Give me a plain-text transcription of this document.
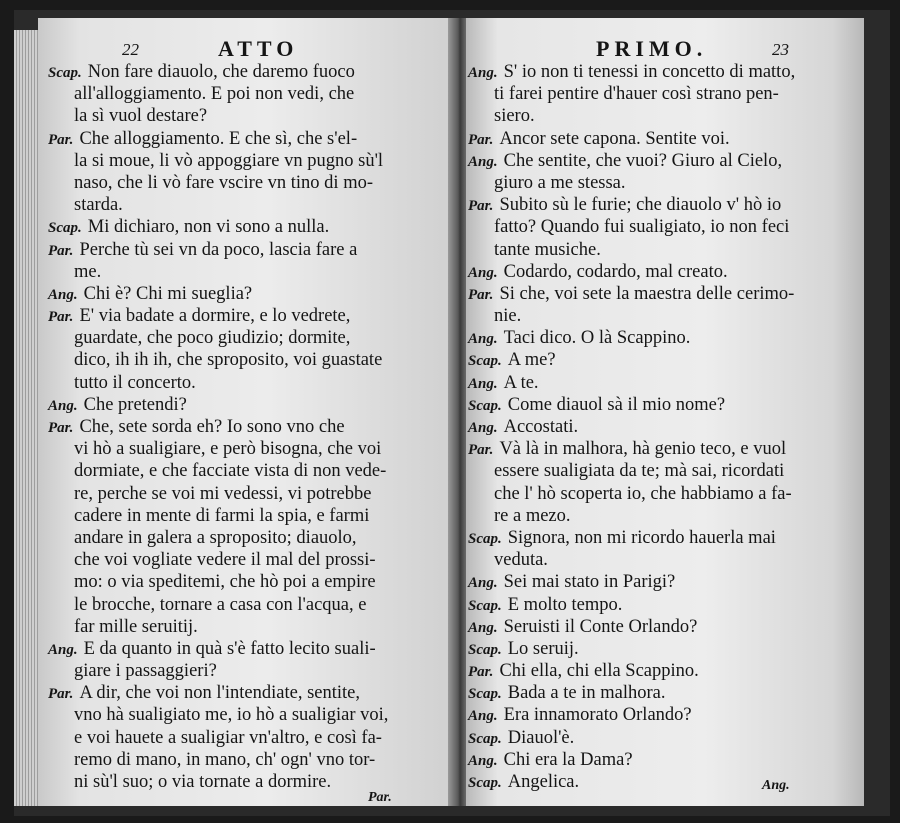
22	ATTO
Scap. Non fare diauolo, che daremo fuoco
all'alloggiamento. E poi non vedi, che
la sì vuol destare?
Par. Che alloggiamento. E che sì, che s'el-
la si moue, li vò appoggiare vn pugno sù'l
naso, che li vò fare vscire vn tino di mo-
starda.
Scap. Mi dichiaro, non vi sono a nulla.
Par. Perche tù sei vn da poco, lascia fare a
me.
Ang. Chi è? Chi mi sueglia?
Par. E' via badate a dormire, e lo vedrete,
guardate, che poco giudizio; dormite,
dico, ih ih ih, che sproposito, voi guastate
tutto il concerto.
Ang. Che pretendi?
Par. Che, sete sorda eh? Io sono vno che
vi hò a sualigiare, e però bisogna, che voi
dormiate, e che facciate vista di non vede-
re, perche se voi mi vedessi, vi potrebbe
cadere in mente di farmi la spia, e farmi
andare in galera a sproposito; diauolo,
che voi vogliate vedere il mal del prossi-
mo: o via speditemi, che hò poi a empire
le brocche, tornare a casa con l'acqua, e
far mille seruitij.
Ang. E da quanto in quà s'è fatto lecito suali-
giare i passaggieri?
Par. A dir, che voi non l'intendiate, sentite,
vno hà sualigiato me, io hò a sualigiar voi,
e voi hauete a sualigiar vn'altro, e così fa-
remo di mano, in mano, ch' ogn' vno tor-
ni sù'l suo; o via tornate a dormire.
Par.
PRIMO.	23
Ang. S' io non ti tenessi in concetto di matto,
ti farei pentire d'hauer così strano pen-
siero.
Par. Ancor sete capona. Sentite voi.
Ang. Che sentite, che vuoi? Giuro al Cielo,
giuro a me stessa.
Par. Subito sù le furie; che diauolo v' hò io
fatto? Quando fui sualigiato, io non feci
tante musiche.
Ang. Codardo, codardo, mal creato.
Par. Si che, voi sete la maestra delle cerimo-
nie.
Ang. Taci dico. O là Scappino.
Scap. A me?
Ang. A te.
Scap. Come diauol sà il mio nome?
Ang. Accostati.
Par. Và là in malhora, hà genio teco, e vuol
essere sualigiata da te; mà sai, ricordati
che l' hò scoperta io, che habbiamo a fa-
re a mezo.
Scap. Signora, non mi ricordo hauerla mai
veduta.
Ang. Sei mai stato in Parigi?
Scap. E molto tempo.
Ang. Seruisti il Conte Orlando?
Scap. Lo seruij.
Par. Chi ella, chi ella Scappino.
Scap. Bada a te in malhora.
Ang. Era innamorato Orlando?
Scap. Diauol'è.
Ang. Chi era la Dama?
Scap. Angelica.	Ang.
